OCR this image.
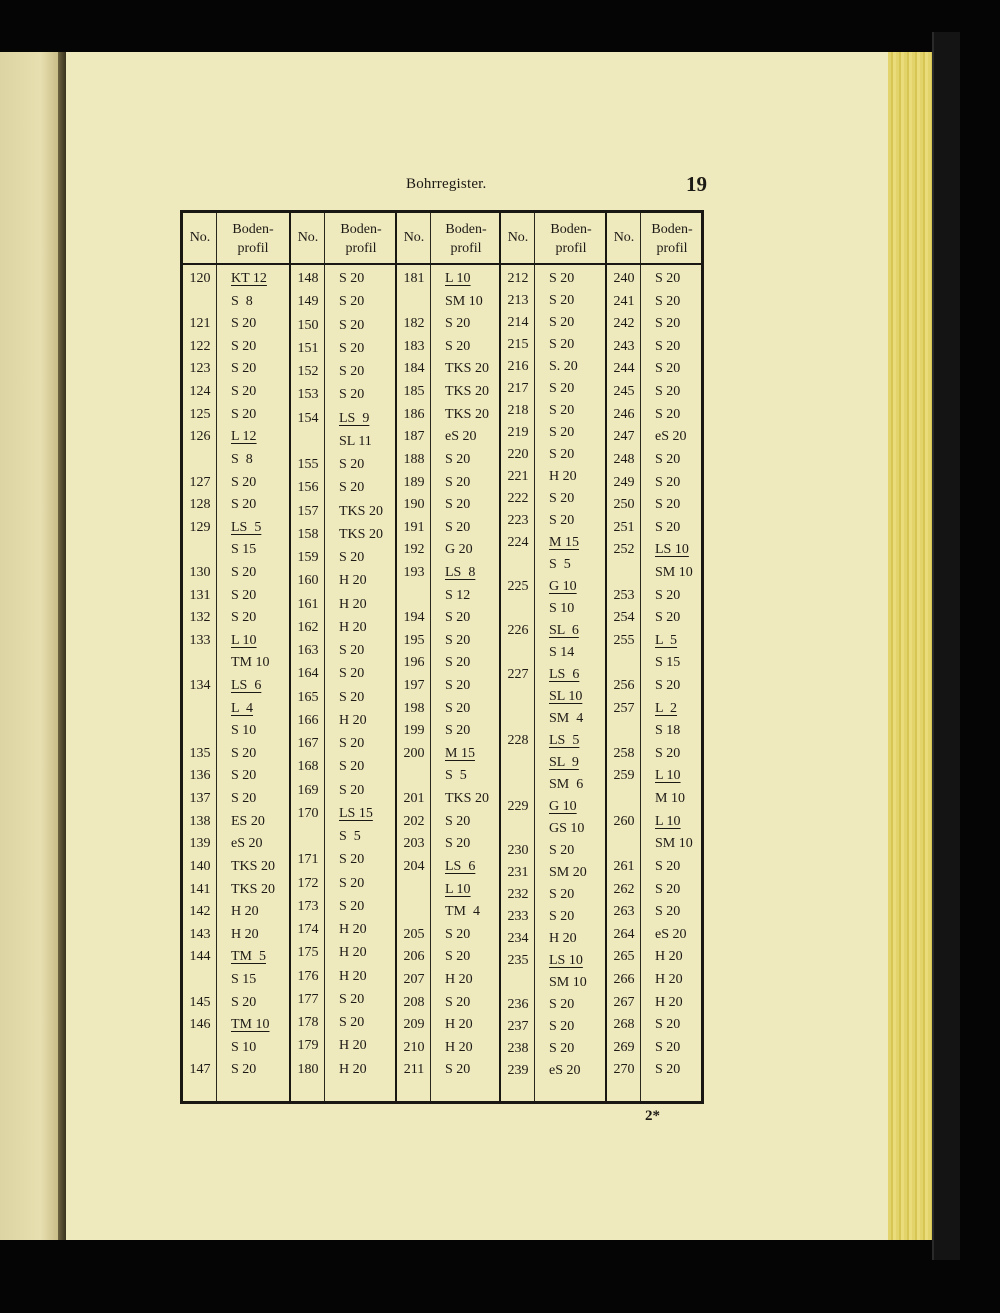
Bohrregister.	19
No.
Boden-
profil
120	KT 12
S  8
121	S 20
122	S 20
123	S 20
124	S 20
125	S 20
126	L 12
S  8
127	S 20
128	S 20
129	LS  5
S 15
130	S 20
131	S 20
132	S 20
133	L 10
TM 10
134	LS  6
L  4
S 10
135	S 20
136	S 20
137	S 20
138	ES 20
139	eS 20
140	TKS 20
141	TKS 20
142	H 20
143	H 20
144	TM  5
S 15
145	S 20
146	TM 10
S 10
147	S 20
No.
Boden-
profil
148	S 20
149	S 20
150	S 20
151	S 20
152	S 20
153	S 20
154	LS  9
SL 11
155	S 20
156	S 20
157	TKS 20
158	TKS 20
159	S 20
160	H 20
161	H 20
162	H 20
163	S 20
164	S 20
165	S 20
166	H 20
167	S 20
168	S 20
169	S 20
170	LS 15
S  5
171	S 20
172	S 20
173	S 20
174	H 20
175	H 20
176	H 20
177	S 20
178	S 20
179	H 20
180	H 20
No.
Boden-
profil
181	L 10
SM 10
182	S 20
183	S 20
184	TKS 20
185	TKS 20
186	TKS 20
187	eS 20
188	S 20
189	S 20
190	S 20
191	S 20
192	G 20
193	LS  8
S 12
194	S 20
195	S 20
196	S 20
197	S 20
198	S 20
199	S 20
200	M 15
S  5
201	TKS 20
202	S 20
203	S 20
204	LS  6
L 10
TM  4
205	S 20
206	S 20
207	H 20
208	S 20
209	H 20
210	H 20
211	S 20
No.
Boden-
profil
212	S 20
213	S 20
214	S 20
215	S 20
216	S. 20
217	S 20
218	S 20
219	S 20
220	S 20
221	H 20
222	S 20
223	S 20
224	M 15
S  5
225	G 10
S 10
226	SL  6
S 14
227	LS  6
SL 10
SM  4
228	LS  5
SL  9
SM  6
229	G 10
GS 10
230	S 20
231	SM 20
232	S 20
233	S 20
234	H 20
235	LS 10
SM 10
236	S 20
237	S 20
238	S 20
239	eS 20
No.
Boden-
profil
240	S 20
241	S 20
242	S 20
243	S 20
244	S 20
245	S 20
246	S 20
247	eS 20
248	S 20
249	S 20
250	S 20
251	S 20
252	LS 10
SM 10
253	S 20
254	S 20
255	L  5
S 15
256	S 20
257	L  2
S 18
258	S 20
259	L 10
M 10
260	L 10
SM 10
261	S 20
262	S 20
263	S 20
264	eS 20
265	H 20
266	H 20
267	H 20
268	S 20
269	S 20
270	S 20
2*
